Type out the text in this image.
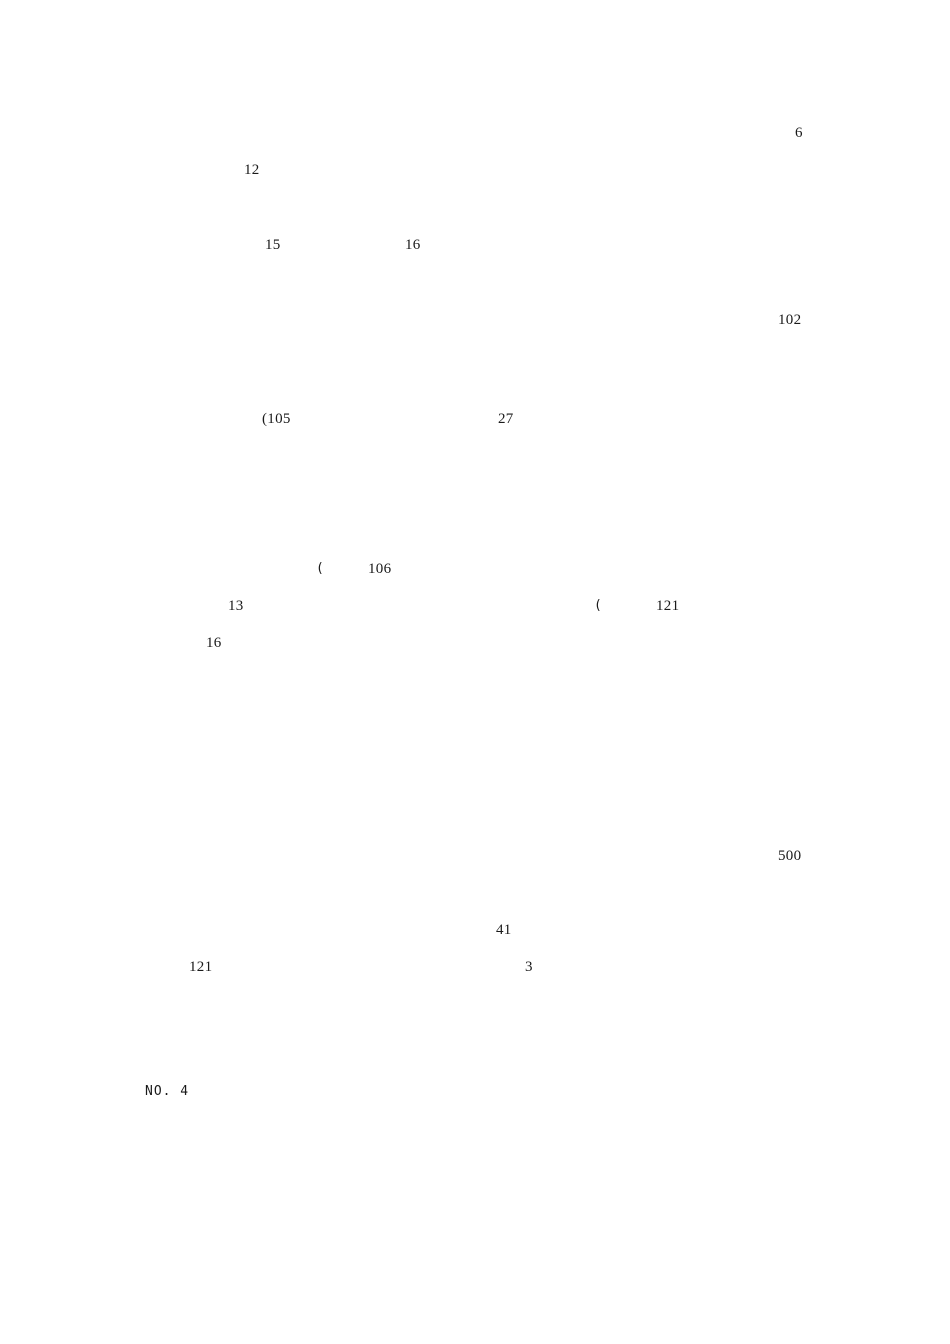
6

12

15
　　　　　　	16

102

(105
　　　　　　　　　　	27

(　　 106

13

　　　　　　　　	(　　 121

16

500

41

121

　　　　　　　　　　　　　　	3

NO. 4
